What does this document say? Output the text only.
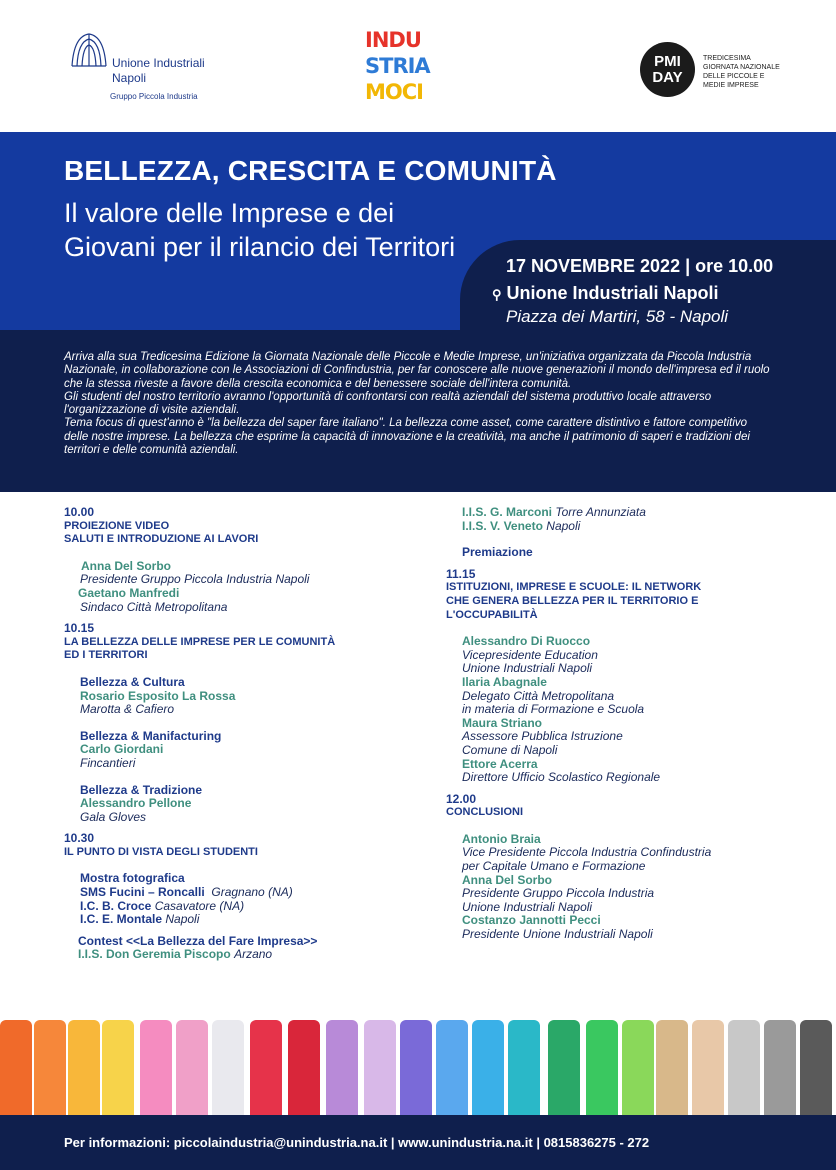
Unione Industriali
Napoli
Gruppo Piccola Industria
INDU
STRIA
MOCI
PMI
DAY
TREDICESIMA GIORNATA NAZIONALE DELLE PICCOLE E MEDIE IMPRESE
BELLEZZA, CRESCITA E COMUNITÀ
Il valore delle Imprese e dei Giovani per il rilancio dei Territori
17 NOVEMBRE 2022 | ore 10.00
⚲ Unione Industriali Napoli
Piazza dei Martiri, 58 - Napoli
Arriva alla sua Tredicesima Edizione la Giornata Nazionale delle Piccole e Medie Imprese, un'iniziativa organizzata da Piccola Industria Nazionale, in collaborazione con le Associazioni di Confindustria, per far conoscere alle nuove generazioni il mondo dell'impresa ed il ruolo che la stessa riveste a favore della crescita economica e del benessere sociale dell'intera comunità.
Gli studenti del nostro territorio avranno l'opportunità di confrontarsi con realtà aziendali del sistema produttivo locale attraverso l'organizzazione di visite aziendali.
Tema focus di quest'anno è "la bellezza del saper fare italiano". La bellezza come asset, come carattere distintivo e fattore competitivo delle nostre imprese. La bellezza che esprime la capacità di innovazione e la creatività, ma anche il patrimonio di saperi e tradizioni dei territori e delle comunità aziendali.
10.00
PROIEZIONE VIDEO
SALUTI E INTRODUZIONE AI LAVORI
Anna Del Sorbo
Presidente Gruppo Piccola Industria Napoli
Gaetano Manfredi
Sindaco Città Metropolitana
10.15
LA BELLEZZA DELLE IMPRESE PER LE COMUNITÀ
ED I TERRITORI
Bellezza & Cultura
Rosario Esposito La Rossa
Marotta & Cafiero
Bellezza & Manifacturing
Carlo Giordani
Fincantieri
Bellezza & Tradizione
Alessandro Pellone
Gala Gloves
10.30
IL PUNTO DI VISTA DEGLI STUDENTI
Mostra fotografica
SMS Fucini – Roncalli Gragnano (NA)
I.C. B. Croce Casavatore (NA)
I.C. E. Montale Napoli
Contest <<La Bellezza del Fare Impresa>>
I.I.S. Don Geremia Piscopo Arzano
I.I.S. G. Marconi Torre Annunziata
I.I.S. V. Veneto Napoli
Premiazione
11.15
ISTITUZIONI, IMPRESE E SCUOLE: IL NETWORK
CHE GENERA BELLEZZA PER IL TERRITORIO E
L'OCCUPABILITÀ
Alessandro Di Ruocco
Vicepresidente Education
Unione Industriali Napoli
Ilaria Abagnale
Delegato Città Metropolitana
in materia di Formazione e Scuola
Maura Striano
Assessore Pubblica Istruzione
Comune di Napoli
Ettore Acerra
Direttore Ufficio Scolastico Regionale
12.00
CONCLUSIONI
Antonio Braia
Vice Presidente Piccola Industria Confindustria
per Capitale Umano e Formazione
Anna Del Sorbo
Presidente Gruppo Piccola Industria
Unione Industriali Napoli
Costanzo Jannotti Pecci
Presidente Unione Industriali Napoli
Per informazioni: piccolaindustria@unindustria.na.it | www.unindustria.na.it | 0815836275 - 272
